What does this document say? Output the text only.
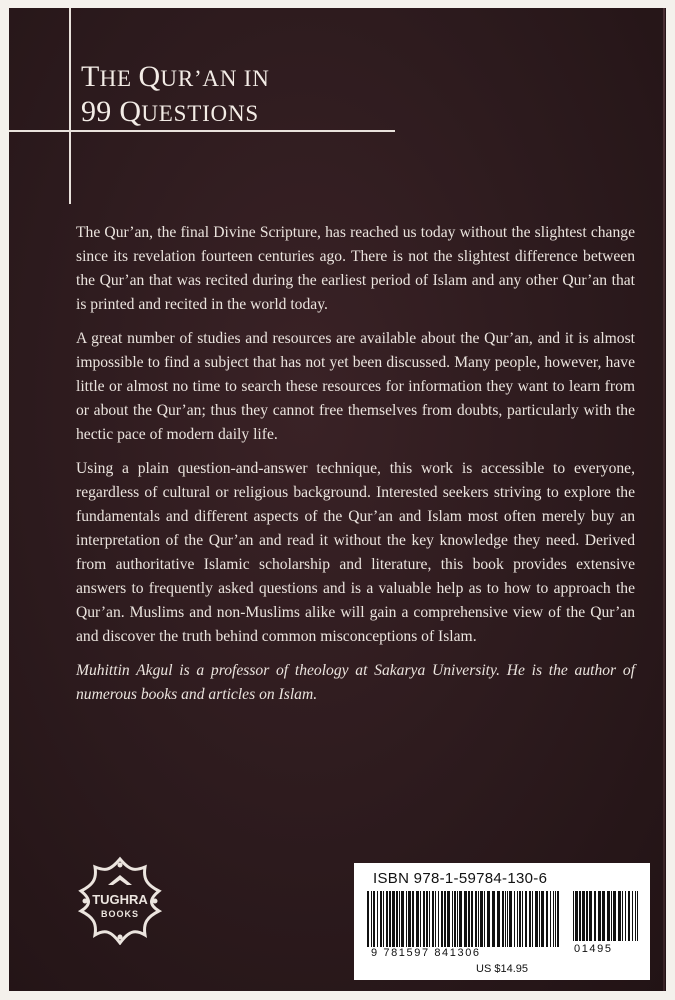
THE QUR’AN IN
99 QUESTIONS

The Qur’an, the final Divine Scripture, has reached us today without the slightest change since its revelation fourteen centuries ago. There is not the slightest difference between the Qur’an that was recited during the earliest period of Islam and any other Qur’an that is printed and recited in the world today.

A great number of studies and resources are available about the Qur’an, and it is almost impossible to find a subject that has not yet been discussed. Many people, however, have little or almost no time to search these resources for information they want to learn from or about the Qur’an; thus they cannot free themselves from doubts, particularly with the hectic pace of modern daily life.

Using a plain question-and-answer technique, this work is accessible to everyone, regardless of cultural or religious background. Interested seekers striving to explore the fundamentals and different aspects of the Qur’an and Islam most often merely buy an interpretation of the Qur’an and read it without the key knowledge they need. Derived from authoritative Islamic scholarship and literature, this book provides extensive answers to frequently asked questions and is a valuable help as to how to approach the Qur’an. Muslims and non-Muslims alike will gain a comprehensive view of the Qur’an and discover the truth behind common misconceptions of Islam.

Muhittin Akgul is a professor of theology at Sakarya University. He is the author of numerous books and articles on Islam.

TUGHRA
BOOKS
ISBN 978-1-59784-130-6
9 781597 841306	01495
US $14.95
